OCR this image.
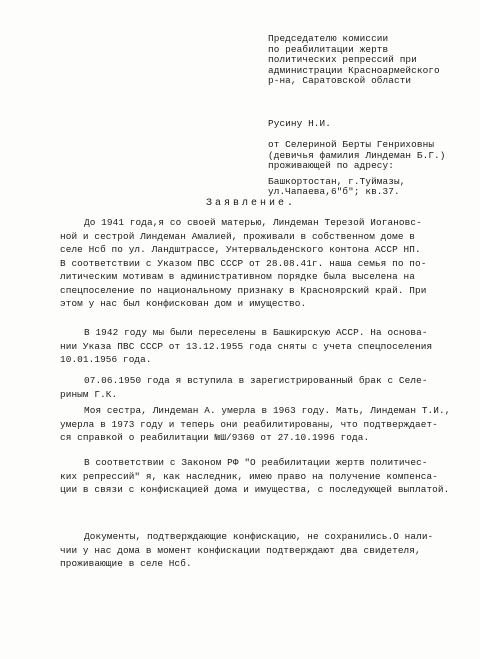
Председателю комиссии
по реабилитации жертв
политических репрессий при
администрации Красноармейского
р-на, Саратовской области
Русину Н.И.
от Селериной Берты Генриховны
(девичья фамилия Линдеман Б.Г.)
проживающей по адресу:
Башкортостан, г.Туймазы,
ул.Чапаева,6"б"; кв.37.
Заявление.
До 1941 года,я со своей матерью, Линдеман Терезой Иогановс-
ной и сестрой Линдеман Амалией, проживали в собственном доме в
селе Нсб по ул. Ландштрассе, Унтервальденского контона АССР НП.
В соответствии с Указом ПВС СССР от 28.08.41г. наша семья по по-
литическим мотивам в административном порядке была выселена на
спецпоселение по национальному признаку в Красноярский край. При
этом у нас был конфискован дом и имущество.
В 1942 году мы были переселены в Башкирскую АССР. На основа-
нии Указа ПВС СССР от 13.12.1955 года сняты с учета спецпоселения
10.01.1956 года.
07.06.1950 года я вступила в зарегистрированный брак с Селе-
риным Г.К.
Моя сестра, Линдеман А. умерла в 1963 году. Мать, Линдеман Т.И.,
умерла в 1973 году и теперь они реабилитированы, что подтверждает-
ся справкой о реабилитации №Ш/9360 от 27.10.1996 года.
В соответствии с Законом РФ "О реабилитации жертв политичес-
ких репрессий" я, как наследник, имею право на получение компенса-
ции в связи с конфискацией дома и имущества, с последующей выплатой.
Документы, подтверждающие конфискацию, не сохранились.О нали-
чии у нас дома в момент конфискации подтверждают два свидетеля,
проживающие в селе Нсб.
